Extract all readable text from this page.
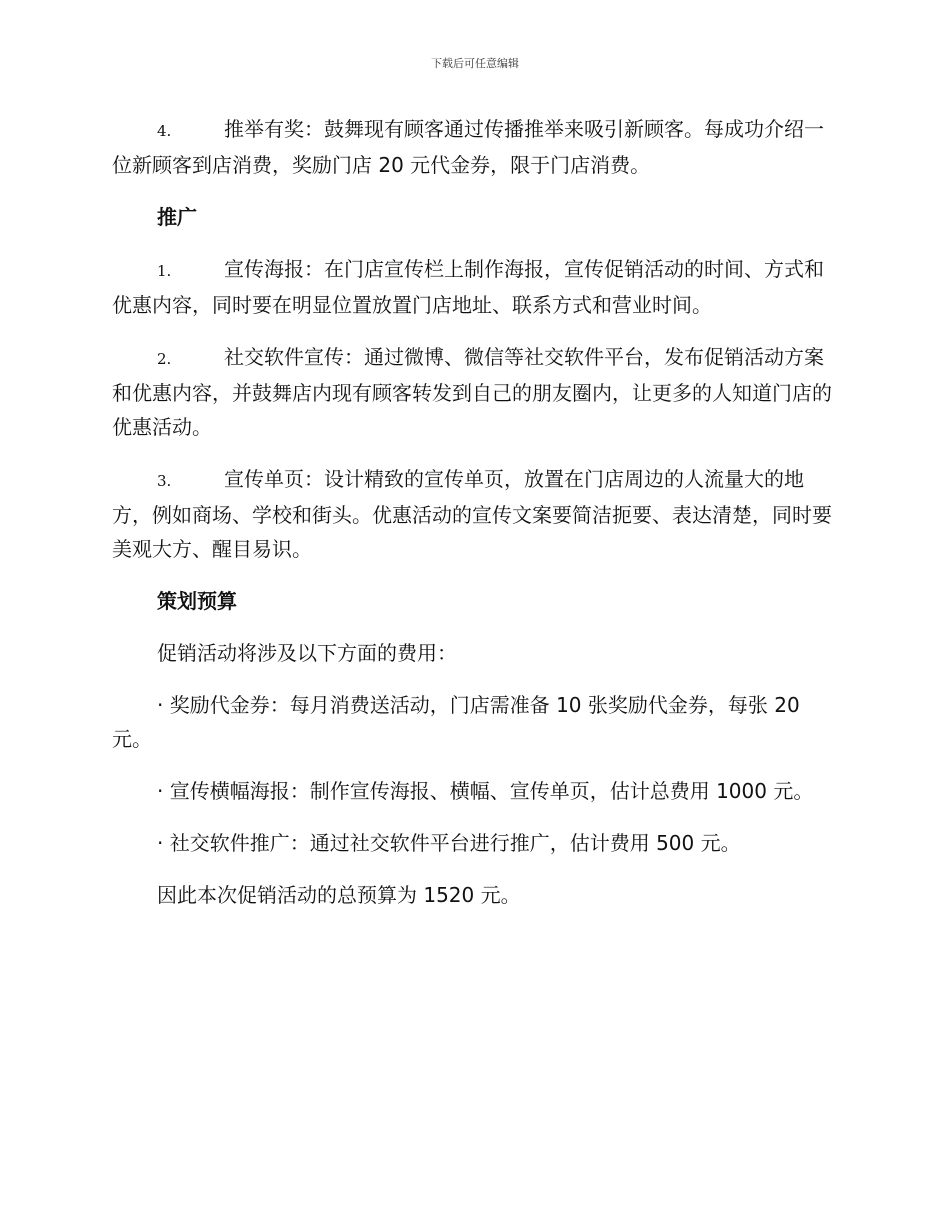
下载后可任意编辑

4.	推举有奖：鼓舞现有顾客通过传播推举来吸引新顾客。每成功介绍一位新顾客到店消费，奖励门店 20 元代金券，限于门店消费。

推广

1.	宣传海报：在门店宣传栏上制作海报，宣传促销活动的时间、方式和优惠内容，同时要在明显位置放置门店地址、联系方式和营业时间。

2.	社交软件宣传：通过微博、微信等社交软件平台，发布促销活动方案和优惠内容，并鼓舞店内现有顾客转发到自己的朋友圈内，让更多的人知道门店的优惠活动。

3.	宣传单页：设计精致的宣传单页，放置在门店周边的人流量大的地方，例如商场、学校和街头。优惠活动的宣传文案要简洁扼要、表达清楚，同时要美观大方、醒目易识。

策划预算

促销活动将涉及以下方面的费用：

· 奖励代金券：每月消费送活动，门店需准备 10 张奖励代金券，每张 20 元。

· 宣传横幅海报：制作宣传海报、横幅、宣传单页，估计总费用 1000 元。

· 社交软件推广：通过社交软件平台进行推广，估计费用 500 元。

因此本次促销活动的总预算为 1520 元。
